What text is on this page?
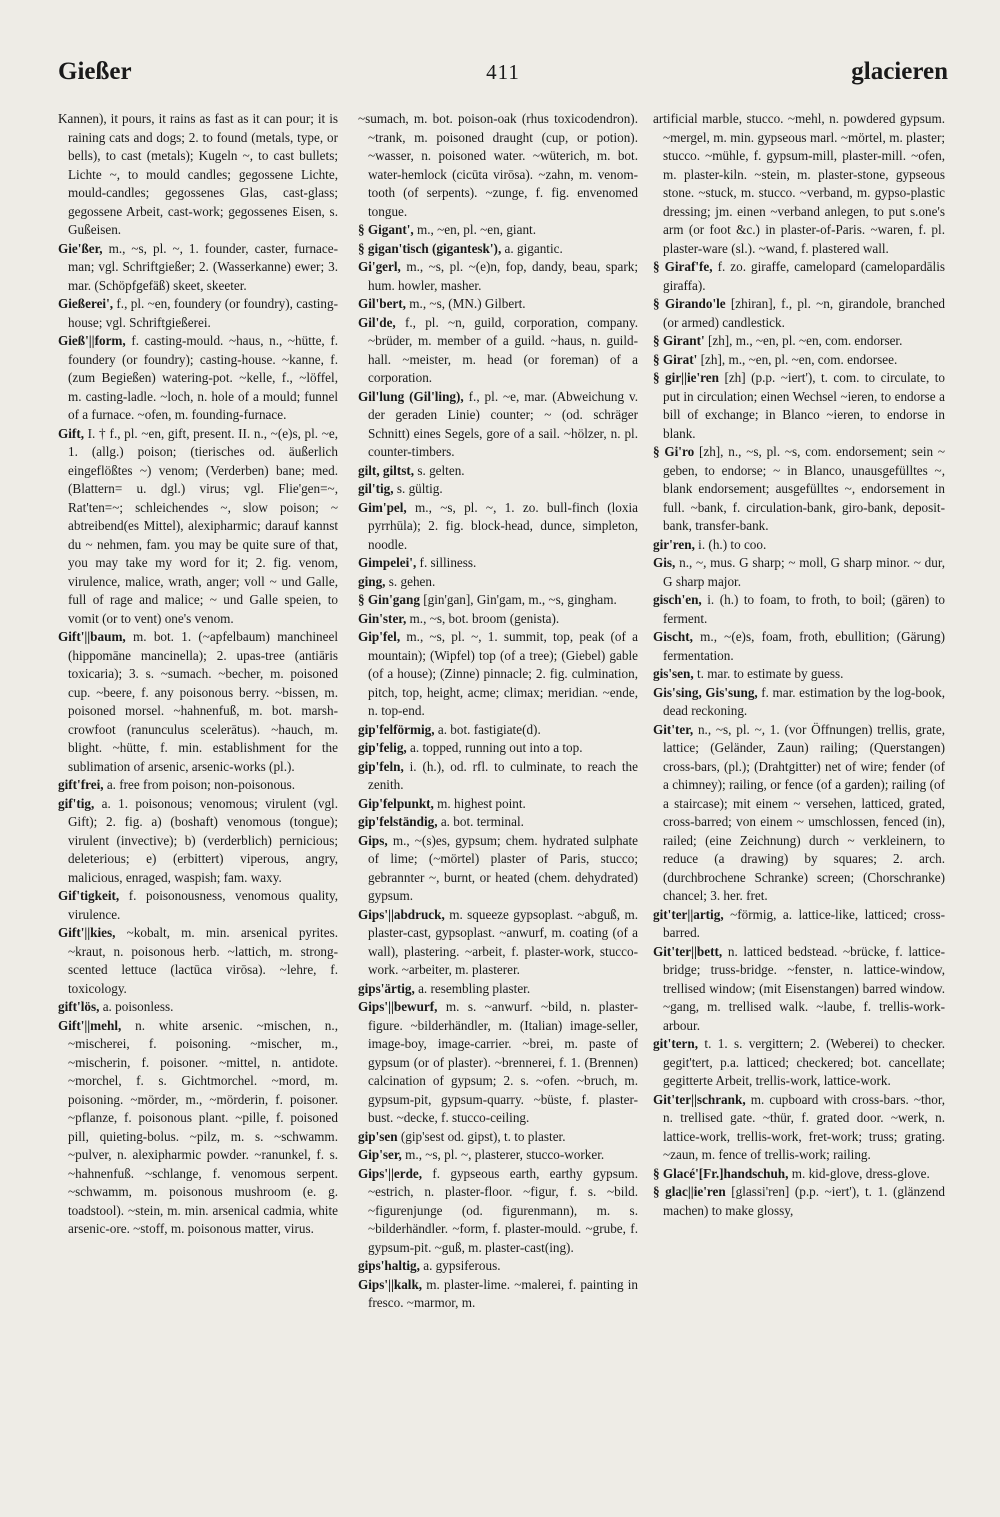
Gießer	411	glacieren

Kannen), it pours, it rains as fast as it can pour; it is raining cats and dogs; 2. to found (metals, type, or bells), to cast (metals); Kugeln ~, to cast bullets; Lichte ~, to mould candles; gegossene Lichte, mould-candles; gegossenes Glas, cast-glass; gegossene Arbeit, cast-work; gegossenes Eisen, s. Gußeisen.

Gie'ßer, m., ~s, pl. ~, 1. founder, caster, furnace-man; vgl. Schriftgießer; 2. (Wasserkanne) ewer; 3. mar. (Schöpfgefäß) skeet, skeeter.

Gießerei', f., pl. ~en, foundery (or foundry), casting-house; vgl. Schriftgießerei.

Gieß'||form, f. casting-mould. ~haus, n., ~hütte, f. foundery (or foundry); casting-house. ~kanne, f. (zum Begießen) watering-pot. ~kelle, f., ~löffel, m. casting-ladle. ~loch, n. hole of a mould; funnel of a furnace. ~ofen, m. founding-furnace.

Gift, I. † f., pl. ~en, gift, present. II. n., ~(e)s, pl. ~e, 1. (allg.) poison; (tierisches od. äußerlich eingeflößtes ~) venom; (Verderben) bane; med. (Blattern= u. dgl.) virus; vgl. Flie'gen=~, Rat'ten=~; schleichendes ~, slow poison; ~ abtreibend(es Mittel), alexipharmic; darauf kannst du ~ nehmen, fam. you may be quite sure of that, you may take my word for it; 2. fig. venom, virulence, malice, wrath, anger; voll ~ und Galle, full of rage and malice; ~ und Galle speien, to vomit (or to vent) one's venom.

Gift'||baum, m. bot. 1. (~apfelbaum) manchineel (hippomāne mancinella); 2. upas-tree (antiāris toxicaria); 3. s. ~sumach. ~becher, m. poisoned cup. ~beere, f. any poisonous berry. ~bissen, m. poisoned morsel. ~hahnenfuß, m. bot. marsh-crowfoot (ranunculus scelerātus). ~hauch, m. blight. ~hütte, f. min. establishment for the sublimation of arsenic, arsenic-works (pl.).

gift'frei, a. free from poison; non-poisonous.

gif'tig, a. 1. poisonous; venomous; virulent (vgl. Gift); 2. fig. a) (boshaft) venomous (tongue); virulent (invective); b) (verderblich) pernicious; deleterious; e) (erbittert) viperous, angry, malicious, enraged, waspish; fam. waxy.

Gif'tigkeit, f. poisonousness, venomous quality, virulence.

Gift'||kies, ~kobalt, m. min. arsenical pyrites. ~kraut, n. poisonous herb. ~lattich, m. strong-scented lettuce (lactūca virōsa). ~lehre, f. toxicology.

gift'lös, a. poisonless.

Gift'||mehl, n. white arsenic. ~mischen, n., ~mischerei, f. poisoning. ~mischer, m., ~mischerin, f. poisoner. ~mittel, n. antidote. ~morchel, f. s. Gichtmorchel. ~mord, m. poisoning. ~mörder, m., ~mörderin, f. poisoner. ~pflanze, f. poisonous plant. ~pille, f. poisoned pill, quieting-bolus. ~pilz, m. s. ~schwamm. ~pulver, n. alexipharmic powder. ~ranunkel, f. s. ~hahnenfuß. ~schlange, f. venomous serpent. ~schwamm, m. poisonous mushroom (e. g. toadstool). ~stein, m. min. arsenical cadmia, white arsenic-ore. ~stoff, m. poisonous matter, virus.

~sumach, m. bot. poison-oak (rhus toxicodendron). ~trank, m. poisoned draught (cup, or potion). ~wasser, n. poisoned water. ~wüterich, m. bot. water-hemlock (cicūta virōsa). ~zahn, m. venom-tooth (of serpents). ~zunge, f. fig. envenomed tongue.

§ Gigant', m., ~en, pl. ~en, giant.

§ gigan'tisch (gigantesk'), a. gigantic.

Gi'gerl, m., ~s, pl. ~(e)n, fop, dandy, beau, spark; hum. howler, masher.

Gil'bert, m., ~s, (MN.) Gilbert.

Gil'de, f., pl. ~n, guild, corporation, company. ~brüder, m. member of a guild. ~haus, n. guild-hall. ~meister, m. head (or foreman) of a corporation.

Gil'lung (Gil'ling), f., pl. ~e, mar. (Abweichung v. der geraden Linie) counter; ~ (od. schräger Schnitt) eines Segels, gore of a sail. ~hölzer, n. pl. counter-timbers.

gilt, giltst, s. gelten.

gil'tig, s. gültig.

Gim'pel, m., ~s, pl. ~, 1. zo. bull-finch (loxia pyrrhūla); 2. fig. block-head, dunce, simpleton, noodle.

Gimpelei', f. silliness.

ging, s. gehen.

§ Gin'gang [gin'gan], Gin'gam, m., ~s, gingham.

Gin'ster, m., ~s, bot. broom (genista).

Gip'fel, m., ~s, pl. ~, 1. summit, top, peak (of a mountain); (Wipfel) top (of a tree); (Giebel) gable (of a house); (Zinne) pinnacle; 2. fig. culmination, pitch, top, height, acme; climax; meridian. ~ende, n. top-end.

gip'felförmig, a. bot. fastigiate(d).

gip'felig, a. topped, running out into a top.

gip'feln, i. (h.), od. rfl. to culminate, to reach the zenith.

Gip'felpunkt, m. highest point.

gip'felständig, a. bot. terminal.

Gips, m., ~(s)es, gypsum; chem. hydrated sulphate of lime; (~mörtel) plaster of Paris, stucco; gebrannter ~, burnt, or heated (chem. dehydrated) gypsum.

Gips'||abdruck, m. squeeze gypsoplast. ~abguß, m. plaster-cast, gypsoplast. ~anwurf, m. coating (of a wall), plastering. ~arbeit, f. plaster-work, stucco-work. ~arbeiter, m. plasterer.

gips'ärtig, a. resembling plaster.

Gips'||bewurf, m. s. ~anwurf. ~bild, n. plaster-figure. ~bilderhändler, m. (Italian) image-seller, image-boy, image-carrier. ~brei, m. paste of gypsum (or of plaster). ~brennerei, f. 1. (Brennen) calcination of gypsum; 2. s. ~ofen. ~bruch, m. gypsum-pit, gypsum-quarry. ~büste, f. plaster-bust. ~decke, f. stucco-ceiling.

gip'sen (gip'sest od. gipst), t. to plaster.

Gip'ser, m., ~s, pl. ~, plasterer, stucco-worker.

Gips'||erde, f. gypseous earth, earthy gypsum. ~estrich, n. plaster-floor. ~figur, f. s. ~bild. ~figurenjunge (od. figurenmann), m. s. ~bilderhändler. ~form, f. plaster-mould. ~grube, f. gypsum-pit. ~guß, m. plaster-cast(ing).

gips'haltig, a. gypsiferous.

Gips'||kalk, m. plaster-lime. ~malerei, f. painting in fresco. ~marmor, m.

artificial marble, stucco. ~mehl, n. powdered gypsum. ~mergel, m. min. gypseous marl. ~mörtel, m. plaster; stucco. ~mühle, f. gypsum-mill, plaster-mill. ~ofen, m. plaster-kiln. ~stein, m. plaster-stone, gypseous stone. ~stuck, m. stucco. ~verband, m. gypso-plastic dressing; jm. einen ~verband anlegen, to put s.one's arm (or foot &c.) in plaster-of-Paris. ~waren, f. pl. plaster-ware (sl.). ~wand, f. plastered wall.

§ Giraf'fe, f. zo. giraffe, camelopard (camelopardālis giraffa).

§ Girando'le [zhiran], f., pl. ~n, girandole, branched (or armed) candlestick.

§ Girant' [zh], m., ~en, pl. ~en, com. endorser.

§ Girat' [zh], m., ~en, pl. ~en, com. endorsee.

§ gir||ie'ren [zh] (p.p. ~iert'), t. com. to circulate, to put in circulation; einen Wechsel ~ieren, to endorse a bill of exchange; in Blanco ~ieren, to endorse in blank.

§ Gi'ro [zh], n., ~s, pl. ~s, com. endorsement; sein ~ geben, to endorse; ~ in Blanco, unausgefülltes ~, blank endorsement; ausgefülltes ~, endorsement in full. ~bank, f. circulation-bank, giro-bank, deposit-bank, transfer-bank.

gir'ren, i. (h.) to coo.

Gis, n., ~, mus. G sharp; ~ moll, G sharp minor. ~ dur, G sharp major.

gisch'en, i. (h.) to foam, to froth, to boil; (gären) to ferment.

Gischt, m., ~(e)s, foam, froth, ebullition; (Gärung) fermentation.

gis'sen, t. mar. to estimate by guess.

Gis'sing, Gis'sung, f. mar. estimation by the log-book, dead reckoning.

Git'ter, n., ~s, pl. ~, 1. (vor Öffnungen) trellis, grate, lattice; (Geländer, Zaun) railing; (Querstangen) cross-bars, (pl.); (Drahtgitter) net of wire; fender (of a chimney); railing, or fence (of a garden); railing (of a staircase); mit einem ~ versehen, latticed, grated, cross-barred; von einem ~ umschlossen, fenced (in), railed; (eine Zeichnung) durch ~ verkleinern, to reduce (a drawing) by squares; 2. arch. (durchbrochene Schranke) screen; (Chorschranke) chancel; 3. her. fret.

git'ter||artig, ~förmig, a. lattice-like, latticed; cross-barred.

Git'ter||bett, n. latticed bedstead. ~brücke, f. lattice-bridge; truss-bridge. ~fenster, n. lattice-window, trellised window; (mit Eisenstangen) barred window. ~gang, m. trellised walk. ~laube, f. trellis-work-arbour.

git'tern, t. 1. s. vergittern; 2. (Weberei) to checker. gegit'tert, p.a. latticed; checkered; bot. cancellate; gegitterte Arbeit, trellis-work, lattice-work.

Git'ter||schrank, m. cupboard with cross-bars. ~thor, n. trellised gate. ~thür, f. grated door. ~werk, n. lattice-work, trellis-work, fret-work; truss; grating. ~zaun, m. fence of trellis-work; railing.

§ Glacé'[Fr.]handschuh, m. kid-glove, dress-glove.

§ glac||ie'ren [glassi'ren] (p.p. ~iert'), t. 1. (glänzend machen) to make glossy,
